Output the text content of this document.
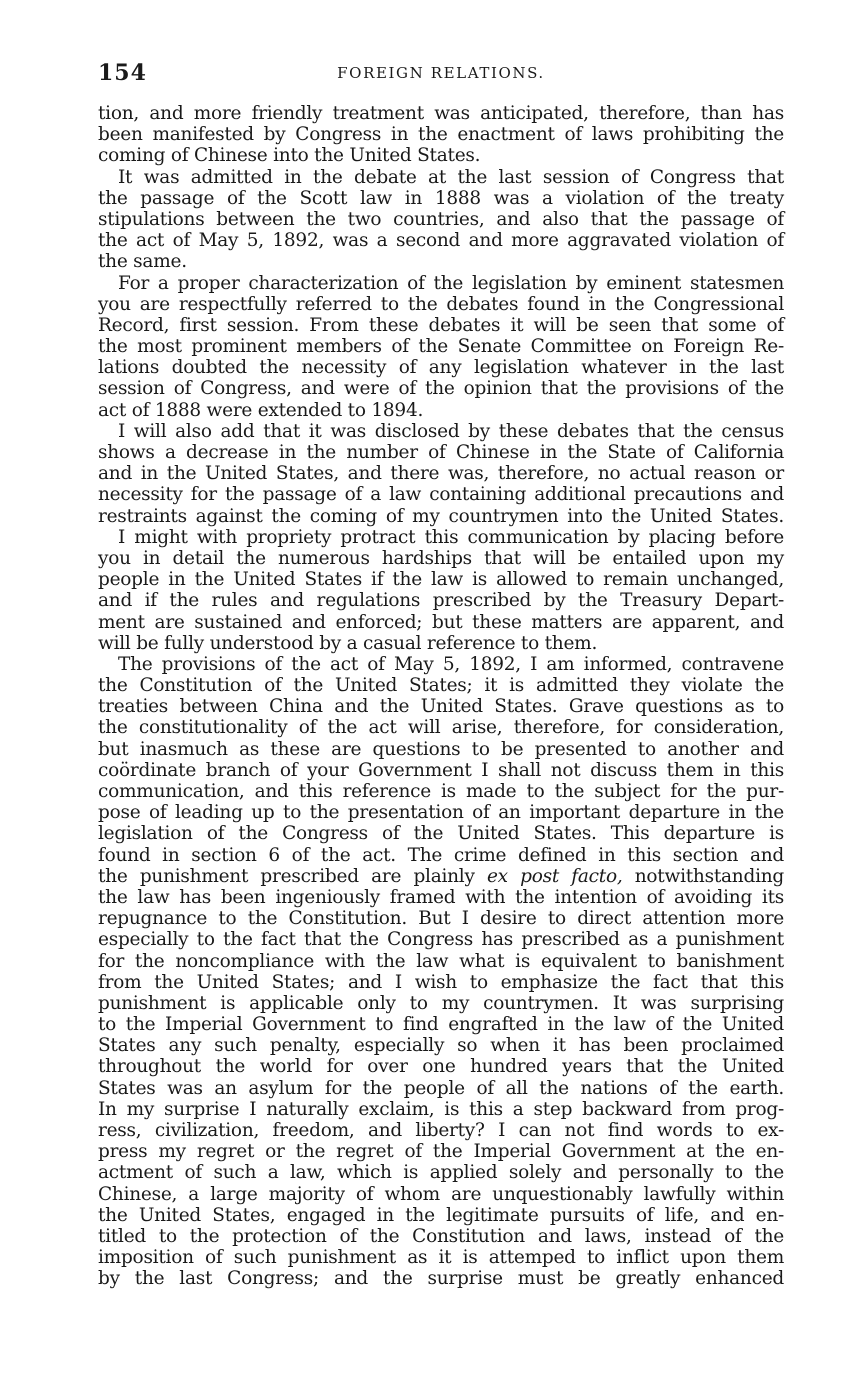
154	FOREIGN RELATIONS.
tion, and more friendly treatment was anticipated, therefore, than has
been manifested by Congress in the enactment of laws prohibiting the
coming of Chinese into the United States.
It was admitted in the debate at the last session of Congress that
the passage of the Scott law in 1888 was a violation of the treaty
stipulations between the two countries, and also that the passage of
the act of May 5, 1892, was a second and more aggravated violation of
the same.
For a proper characterization of the legislation by eminent statesmen
you are respectfully referred to the debates found in the Congressional
Record, first session. From these debates it will be seen that some of
the most prominent members of the Senate Committee on Foreign Re-
lations doubted the necessity of any legislation whatever in the last
session of Congress, and were of the opinion that the provisions of the
act of 1888 were extended to 1894.
I will also add that it was disclosed by these debates that the census
shows a decrease in the number of Chinese in the State of California
and in the United States, and there was, therefore, no actual reason or
necessity for the passage of a law containing additional precautions and
restraints against the coming of my countrymen into the United States.
I might with propriety protract this communication by placing before
you in detail the numerous hardships that will be entailed upon my
people in the United States if the law is allowed to remain unchanged,
and if the rules and regulations prescribed by the Treasury Depart-
ment are sustained and enforced; but these matters are apparent, and
will be fully understood by a casual reference to them.
The provisions of the act of May 5, 1892, I am informed, contravene
the Constitution of the United States; it is admitted they violate the
treaties between China and the United States. Grave questions as to
the constitutionality of the act will arise, therefore, for consideration,
but inasmuch as these are questions to be presented to another and
coördinate branch of your Government I shall not discuss them in this
communication, and this reference is made to the subject for the pur-
pose of leading up to the presentation of an important departure in the
legislation of the Congress of the United States. This departure is
found in section 6 of the act. The crime defined in this section and
the punishment prescribed are plainly ex post facto, notwithstanding
the law has been ingeniously framed with the intention of avoiding its
repugnance to the Constitution. But I desire to direct attention more
especially to the fact that the Congress has prescribed as a punishment
for the noncompliance with the law what is equivalent to banishment
from the United States; and I wish to emphasize the fact that this
punishment is applicable only to my countrymen. It was surprising
to the Imperial Government to find engrafted in the law of the United
States any such penalty, especially so when it has been proclaimed
throughout the world for over one hundred years that the United
States was an asylum for the people of all the nations of the earth.
In my surprise I naturally exclaim, is this a step backward from prog-
ress, civilization, freedom, and liberty? I can not find words to ex-
press my regret or the regret of the Imperial Government at the en-
actment of such a law, which is applied solely and personally to the
Chinese, a large majority of whom are unquestionably lawfully within
the United States, engaged in the legitimate pursuits of life, and en-
titled to the protection of the Constitution and laws, instead of the
imposition of such punishment as it is attemped to inflict upon them
by the last Congress; and the surprise must be greatly enhanced
